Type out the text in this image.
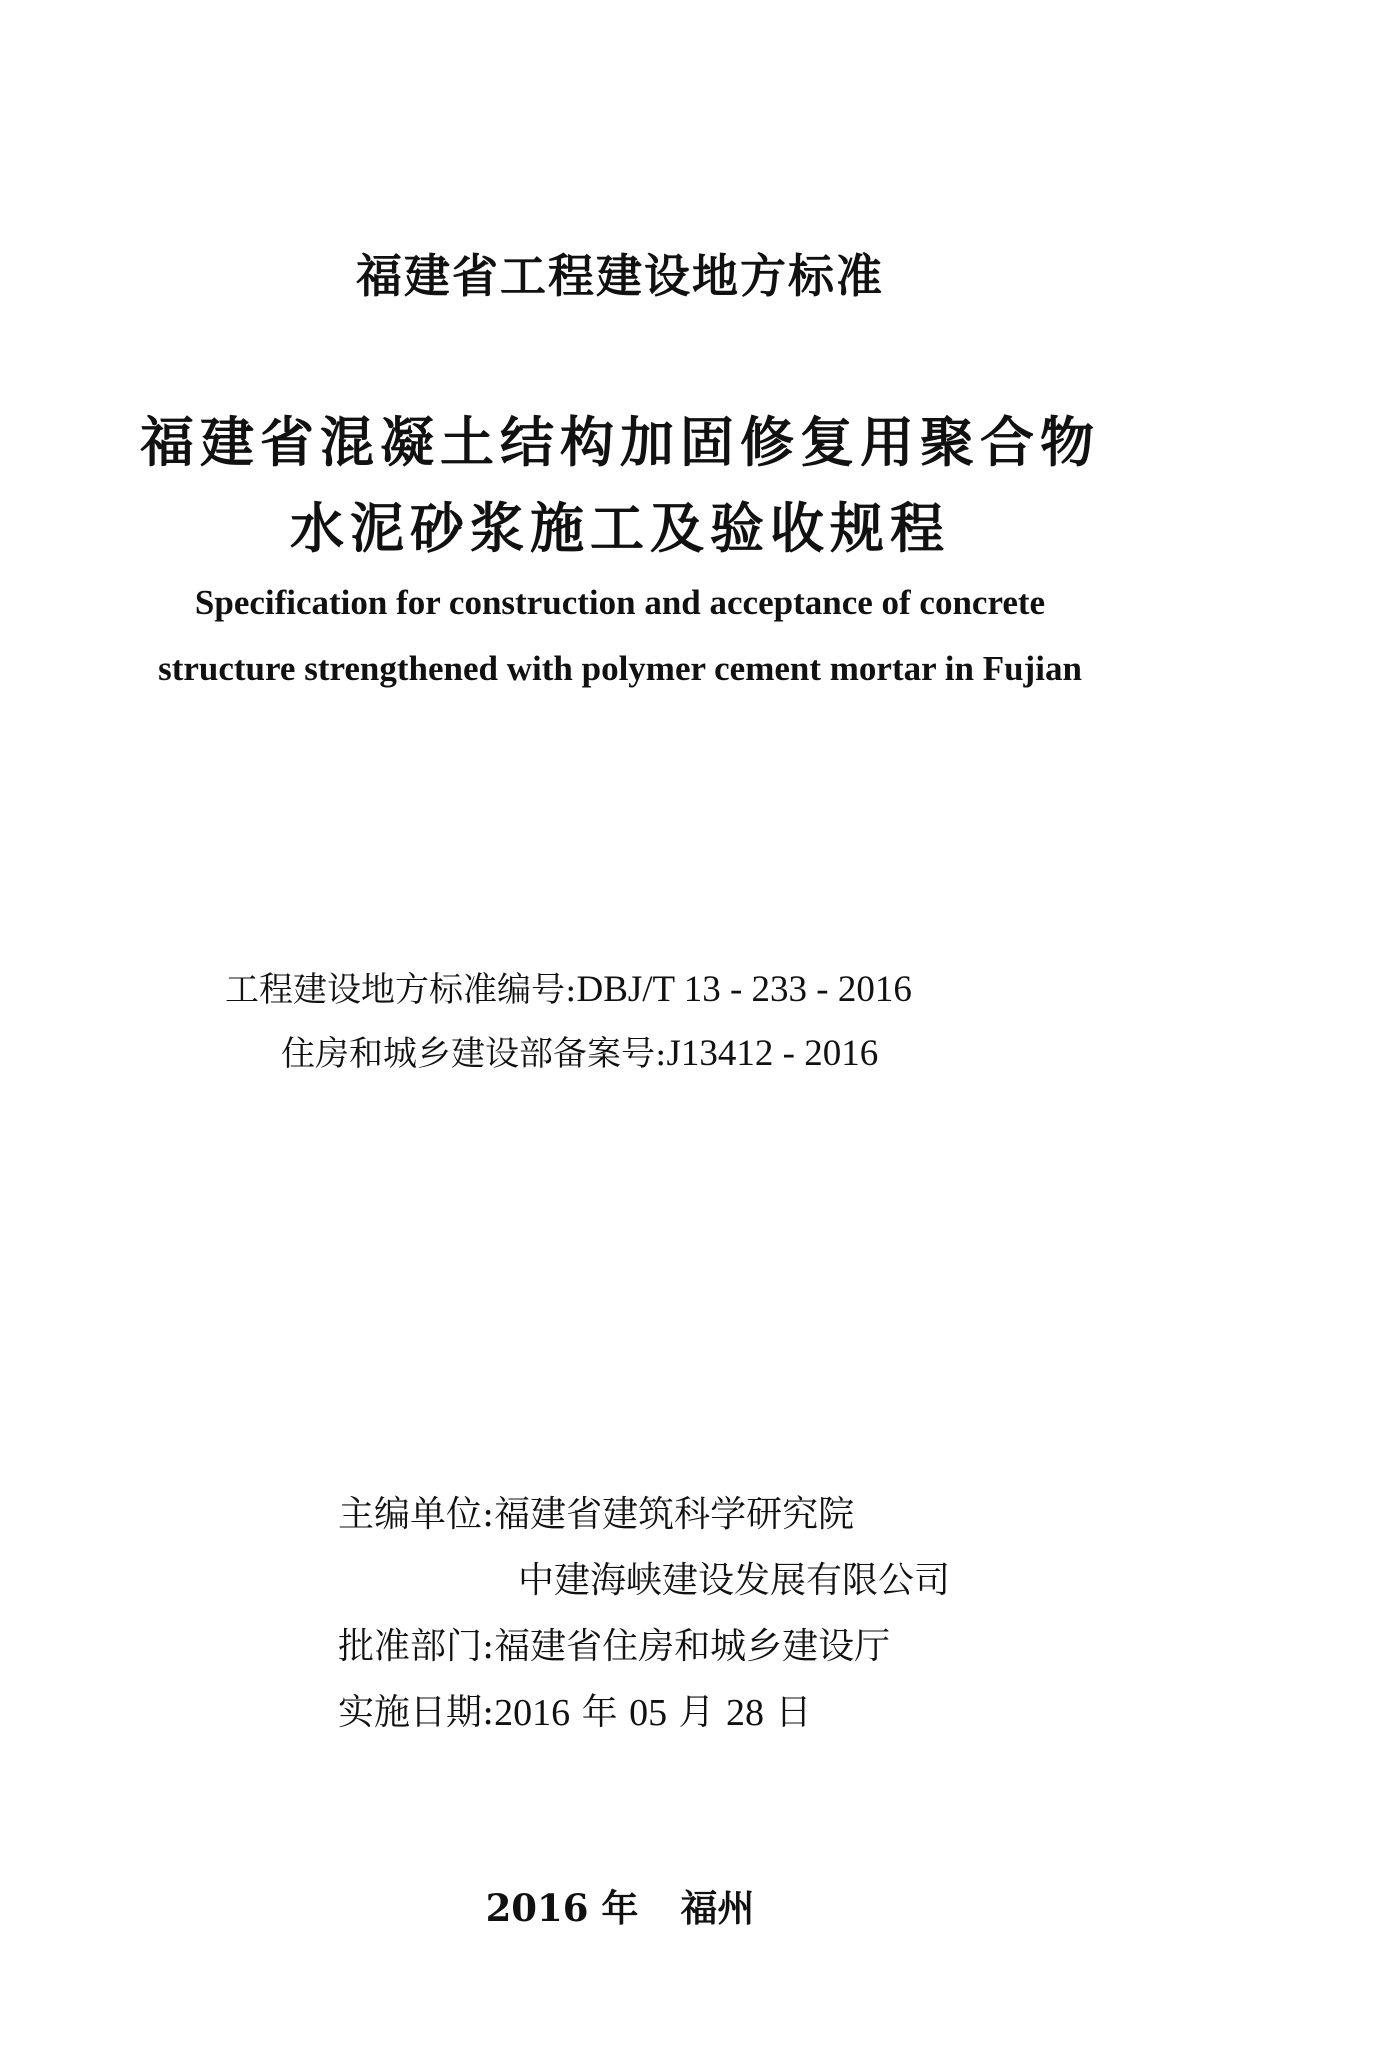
福建省工程建设地方标准
福建省混凝土结构加固修复用聚合物
水泥砂浆施工及验收规程
Specification for construction and acceptance of concrete
structure strengthened with polymer cement mortar in Fujian
工程建设地方标准编号:DBJ/T 13 - 233 - 2016
住房和城乡建设部备案号:J13412 - 2016
主编单位: 福建省建筑科学研究院
中建海峡建设发展有限公司
批准部门: 福建省住房和城乡建设厅
实施日期: 2016
年
05
月
28
日
2016 年 福州
